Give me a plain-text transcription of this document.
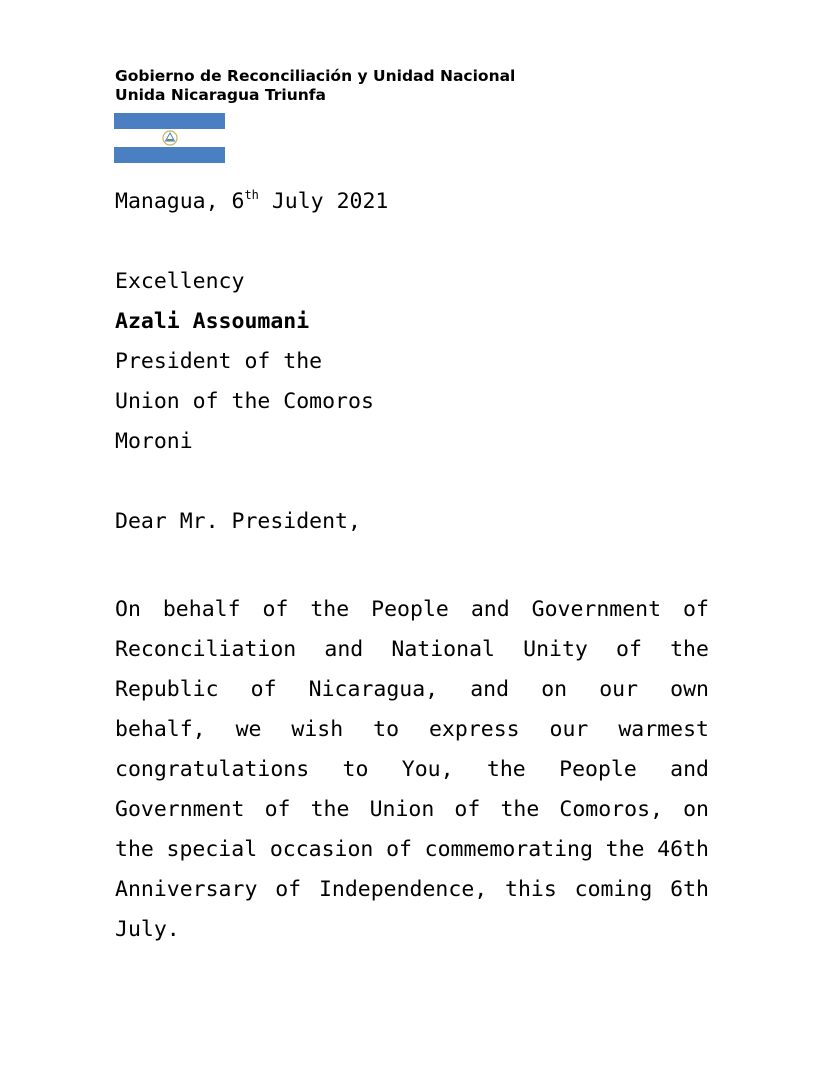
Gobierno de Reconciliación y Unidad Nacional
Unida Nicaragua Triunfa
Managua, 6th July 2021
Excellency
Azali Assoumani
President of the
Union of the Comoros
Moroni
Dear Mr. President,
On behalf of the People and Government of
Reconciliation and National Unity of the
Republic of Nicaragua, and on our own
behalf, we wish to express our warmest
congratulations to You, the People and
Government of the Union of the Comoros, on
the special occasion of commemorating the 46th
Anniversary of Independence, this coming 6th
July.
